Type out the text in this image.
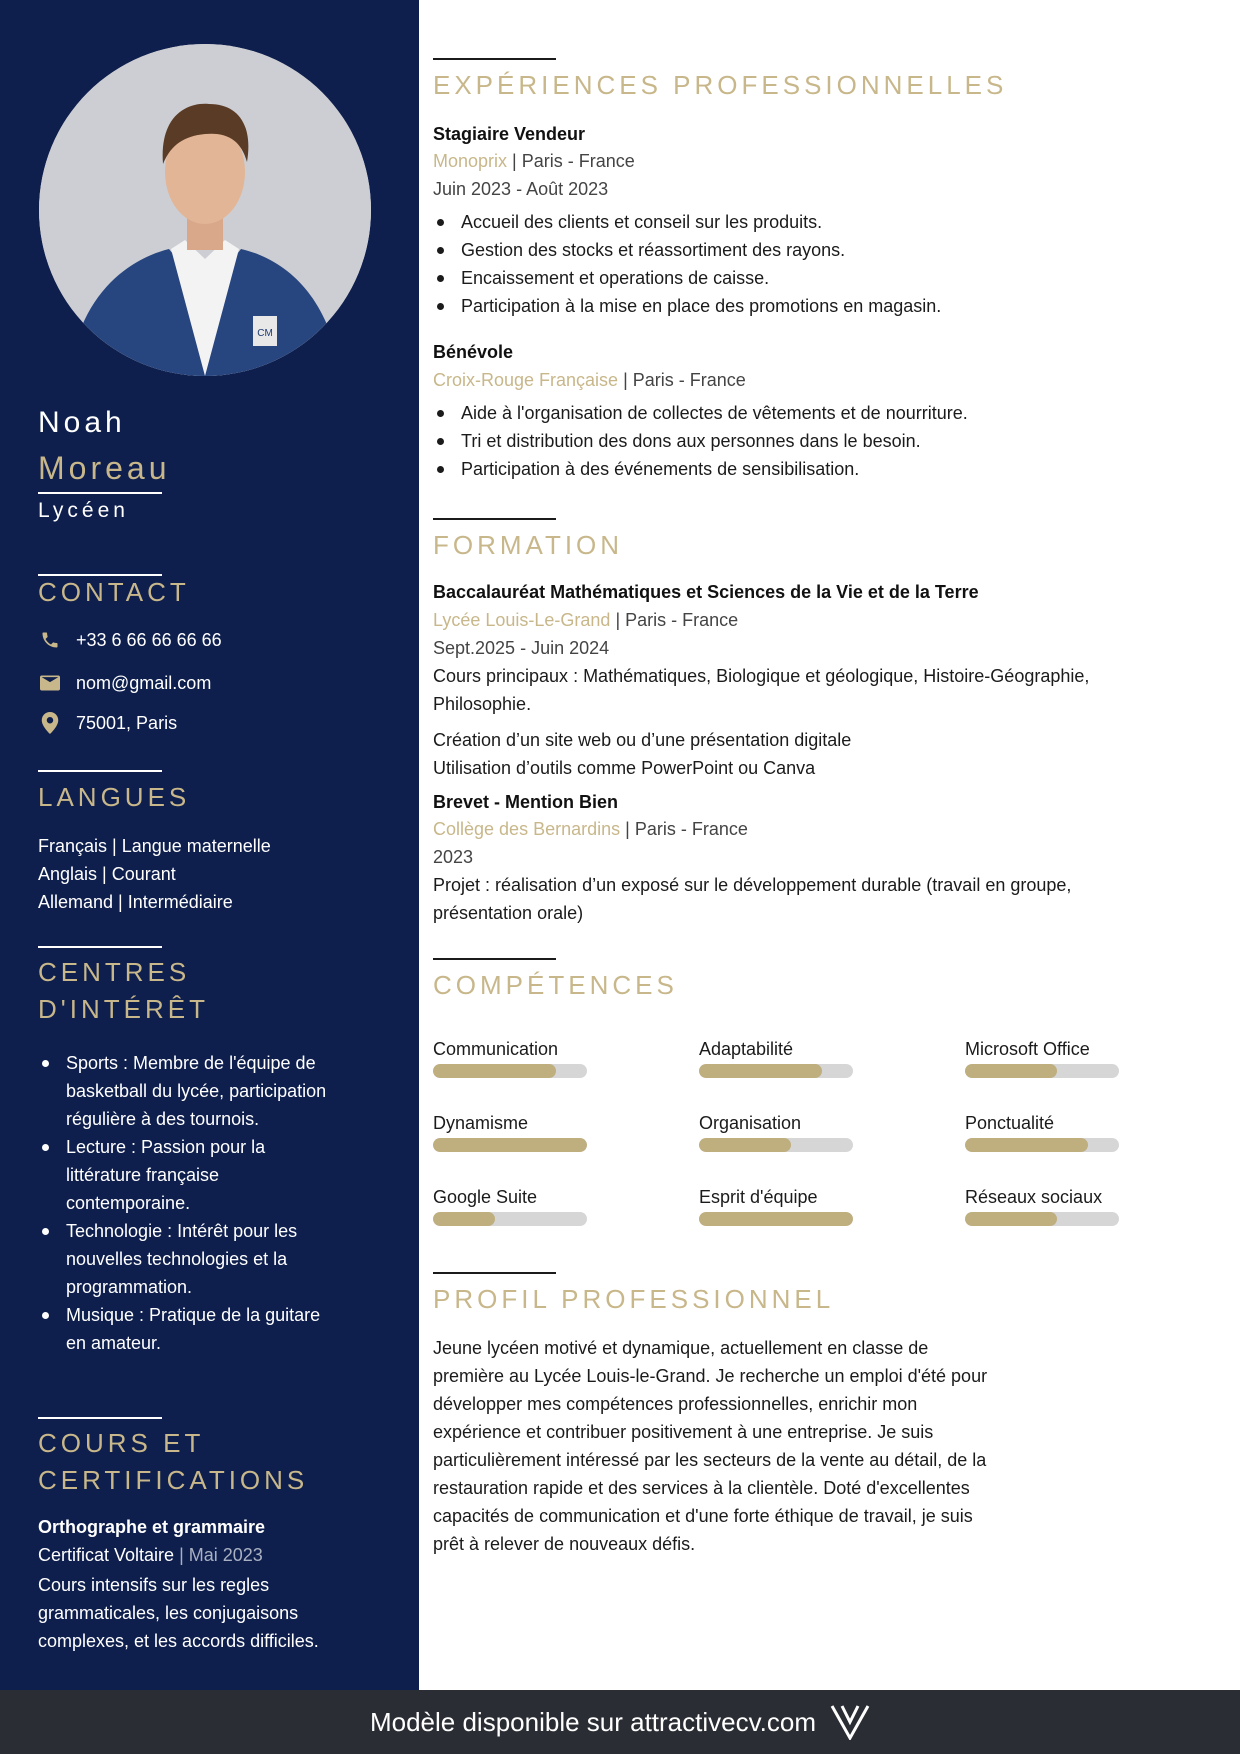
CM
Noah
Moreau
Lycéen
CONTACT
+33 6 66 66 66 66
nom@gmail.com
75001, Paris
LANGUES
Français | Langue maternelle
Anglais | Courant
Allemand | Intermédiaire
CENTRES
D'INTÉRÊT
Sports : Membre de l'équipe de basketball du lycée, participation régulière à des tournois.
Lecture : Passion pour la littérature française contemporaine.
Technologie : Intérêt pour les nouvelles technologies et la programmation.
Musique : Pratique de la guitare en amateur.
COURS ET
CERTIFICATIONS
Orthographe et grammaire
Certificat Voltaire | Mai 2023
Cours intensifs sur les regles grammaticales, les conjugaisons complexes, et les accords difficiles.
EXPÉRIENCES PROFESSIONNELLES
Stagiaire Vendeur
Monoprix | Paris - France
Juin 2023 - Août 2023
Accueil des clients et conseil sur les produits.
Gestion des stocks et réassortiment des rayons.
Encaissement et operations de caisse.
Participation à la mise en place des promotions en magasin.
Bénévole
Croix-Rouge Française | Paris - France
Aide à l'organisation de collectes de vêtements et de nourriture.
Tri et distribution des dons aux personnes dans le besoin.
Participation à des événements de sensibilisation.
FORMATION
Baccalauréat Mathématiques et Sciences de la Vie et de la Terre
Lycée Louis-Le-Grand | Paris - France
Sept.2025 - Juin 2024
Cours principaux : Mathématiques, Biologique et géologique, Histoire-Géographie,
Philosophie.
Création d’un site web ou d’une présentation digitale
Utilisation d’outils comme PowerPoint ou Canva
Brevet - Mention Bien
Collège des Bernardins | Paris - France
2023
Projet : réalisation d’un exposé sur le développement durable (travail en groupe,
présentation orale)
COMPÉTENCES
Communication	Adaptabilité	Microsoft Office
Dynamisme	Organisation	Ponctualité
Google Suite	Esprit d'équipe	Réseaux sociaux
PROFIL PROFESSIONNEL
Jeune lycéen motivé et dynamique, actuellement en classe de
première au Lycée Louis-le-Grand. Je recherche un emploi d'été pour
développer mes compétences professionnelles, enrichir mon
expérience et contribuer positivement à une entreprise. Je suis
particulièrement intéressé par les secteurs de la vente au détail, de la
restauration rapide et des services à la clientèle. Doté d'excellentes
capacités de communication et d'une forte éthique de travail, je suis
prêt à relever de nouveaux défis.
Modèle disponible sur attractivecv.com
